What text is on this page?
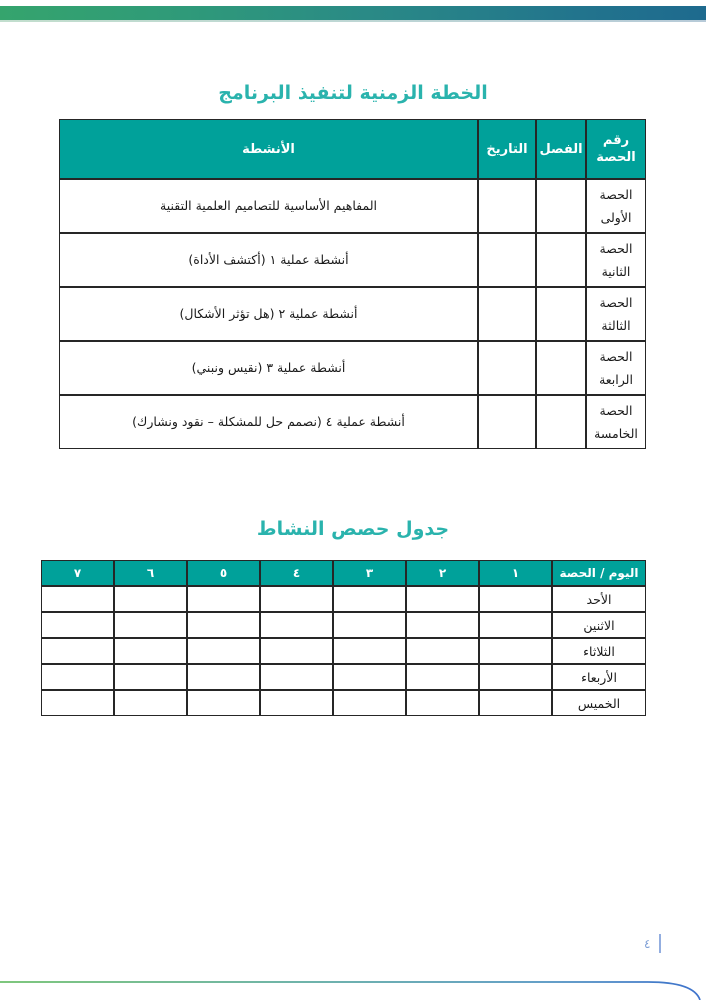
الخطة الزمنية لتنفيذ البرنامج
رقم
الحصة	الفصل	التاريخ	الأنشطة

الحصة
الأولى			المفاهيم الأساسية للتصاميم العلمية التقنية

الحصة
الثانية			أنشطة عملية ١ (أكتشف الأداة)

الحصة
الثالثة			أنشطة عملية ٢ (هل تؤثر الأشكال)

الحصة
الرابعة			أنشطة عملية ٣ (نقيس ونبني)

الحصة
الخامسة			أنشطة عملية ٤ (نصمم حل للمشكلة – نقود ونشارك)
جدول حصص النشاط
اليوم / الحصة	١	٢	٣	٤	٥	٦	٧
الأحد							
الاثنين							
الثلاثاء							
الأربعاء							
الخميس							
٤
